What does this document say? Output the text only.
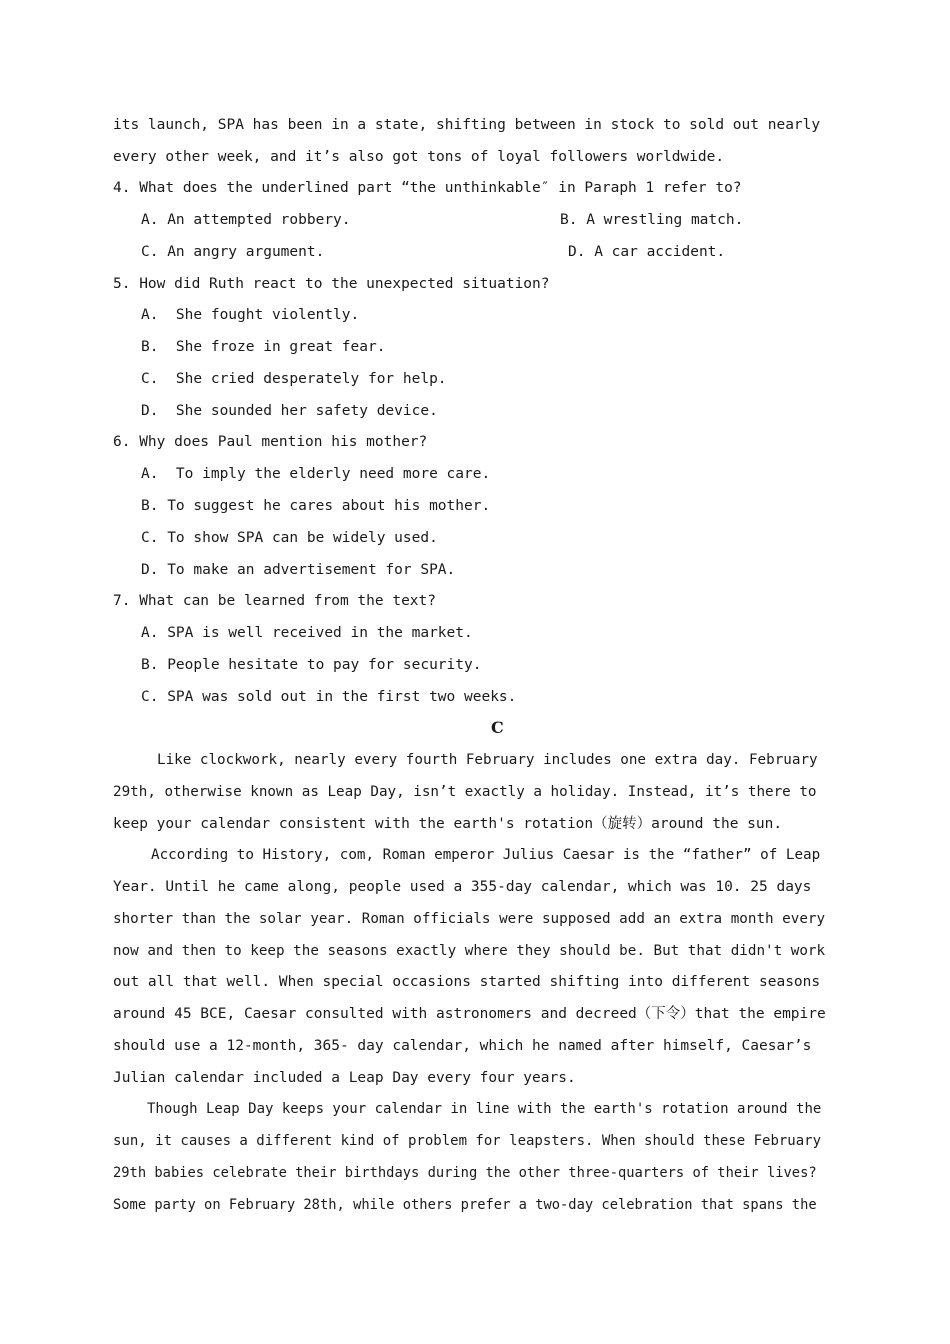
its launch, SPA has been in a state, shifting between in stock to sold out nearly
every other week, and it’s also got tons of loyal followers worldwide.
4. What does the underlined part “the unthinkable″ in Paraph 1 refer to?
A. An attempted robbery.	B. A wrestling match.
C. An angry argument.	D. A car accident.
5. How did Ruth react to the unexpected situation?
A.  She fought violently.
B.  She froze in great fear.
C.  She cried desperately for help.
D.  She sounded her safety device.
6. Why does Paul mention his mother?
A.  To imply the elderly need more care.
B. To suggest he cares about his mother.
C. To show SPA can be widely used.
D. To make an advertisement for SPA.
7. What can be learned from the text?
A. SPA is well received in the market.
B. People hesitate to pay for security.
C. SPA was sold out in the first two weeks.
C
Like clockwork, nearly every fourth February includes one extra day. February
29th, otherwise known as Leap Day, isn’t exactly a holiday. Instead, it’s there to
keep your calendar consistent with the earth's rotation（旋转）around the sun.
According to History, com, Roman emperor Julius Caesar is the “father” of Leap
Year. Until he came along, people used a 355-day calendar, which was 10. 25 days
shorter than the solar year. Roman officials were supposed add an extra month every
now and then to keep the seasons exactly where they should be. But that didn't work
out all that well. When special occasions started shifting into different seasons
around 45 BCE, Caesar consulted with astronomers and decreed（下令）that the empire
should use a 12-month, 365- day calendar, which he named after himself, Caesar’s
Julian calendar included a Leap Day every four years.
Though Leap Day keeps your calendar in line with the earth's rotation around the
sun, it causes a different kind of problem for leapsters. When should these February
29th babies celebrate their birthdays during the other three-quarters of their lives?
Some party on February 28th, while others prefer a two-day celebration that spans the
